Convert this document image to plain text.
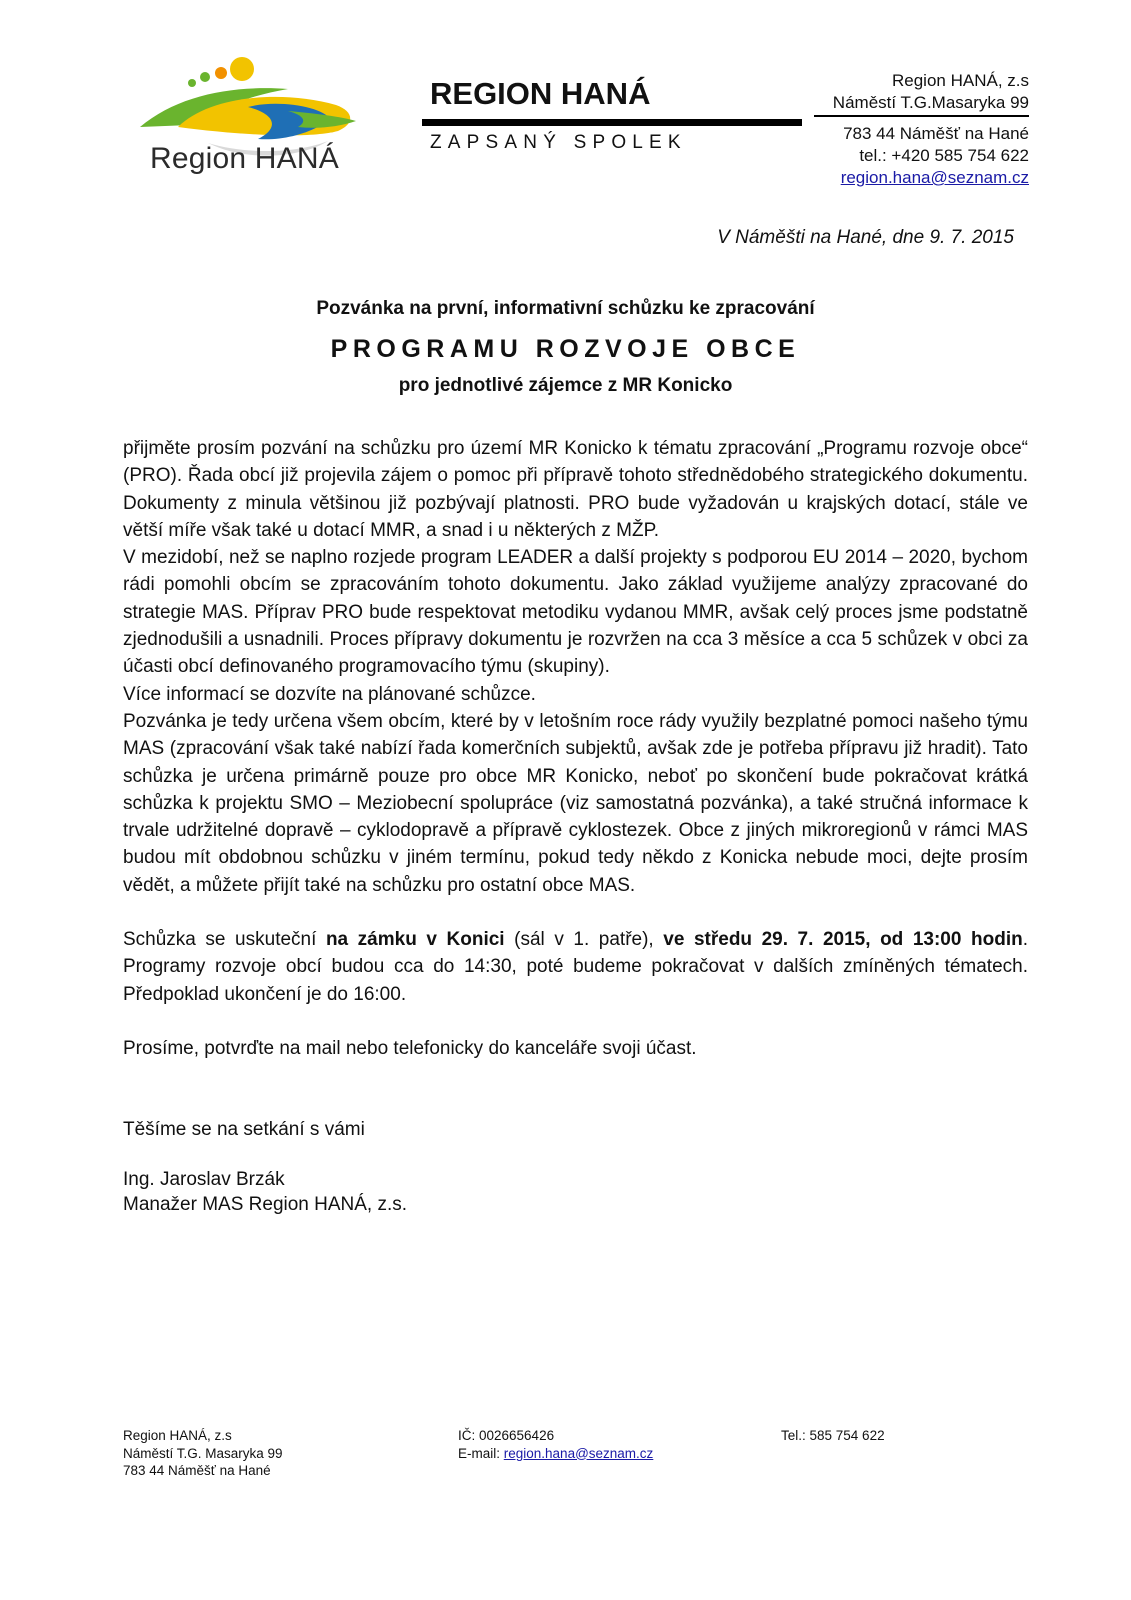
Region HANÁ
REGION HANÁ
ZAPSANÝ SPOLEK
Region HANÁ, z.s
Náměstí T.G.Masaryka 99
783 44 Náměšť na Hané
tel.: +420 585 754 622
region.hana@seznam.cz
V Náměšti na Hané, dne 9. 7. 2015
Pozvánka na první, informativní schůzku ke zpracování
PROGRAMU ROZVOJE OBCE
pro jednotlivé zájemce z MR Konicko

přijměte prosím pozvání na schůzku pro území MR Konicko k tématu zpracování „Programu rozvoje obce“ (PRO). Řada obcí již projevila zájem o pomoc při přípravě tohoto střednědobého strategického dokumentu. Dokumenty z minula většinou již pozbývají platnosti. PRO bude vyžadován u krajských dotací, stále ve větší míře však také u dotací MMR, a snad i u některých z MŽP.

V mezidobí, než se naplno rozjede program LEADER a další projekty s podporou EU 2014 – 2020, bychom rádi pomohli obcím se zpracováním tohoto dokumentu. Jako základ využijeme analýzy zpracované do strategie MAS. Příprav PRO bude respektovat metodiku vydanou MMR, avšak celý proces jsme podstatně zjednodušili a usnadnili. Proces přípravy dokumentu je rozvržen na cca 3 měsíce a cca 5 schůzek v obci za účasti obcí definovaného programovacího týmu (skupiny).

Více informací se dozvíte na plánované schůzce.

Pozvánka je tedy určena všem obcím, které by v letošním roce rády využily bezplatné pomoci našeho týmu MAS (zpracování však také nabízí řada komerčních subjektů, avšak zde je potřeba přípravu již hradit). Tato schůzka je určena primárně pouze pro obce MR Konicko, neboť po skončení bude pokračovat krátká schůzka k projektu SMO – Meziobecní spolupráce (viz samostatná pozvánka), a také stručná informace k trvale udržitelné dopravě – cyklodopravě a přípravě cyklostezek. Obce z jiných mikroregionů v rámci MAS budou mít obdobnou schůzku v jiném termínu, pokud tedy někdo z Konicka nebude moci, dejte prosím vědět, a můžete přijít také na schůzku pro ostatní obce MAS.

Schůzka se uskuteční na zámku v Konici (sál v 1. patře), ve středu 29. 7. 2015, od 13:00 hodin. Programy rozvoje obcí budou cca do 14:30, poté budeme pokračovat v dalších zmíněných tématech. Předpoklad ukončení je do 16:00.

Prosíme, potvrďte na mail nebo telefonicky do kanceláře svoji účast.

Těšíme se na setkání s vámi

Ing. Jaroslav Brzák

Manažer MAS Region HANÁ, z.s.

Region HANÁ, z.s
Náměstí T.G. Masaryka 99
783 44 Náměšť na Hané
IČ: 0026656426
E-mail: region.hana@seznam.cz
Tel.: 585 754 622
